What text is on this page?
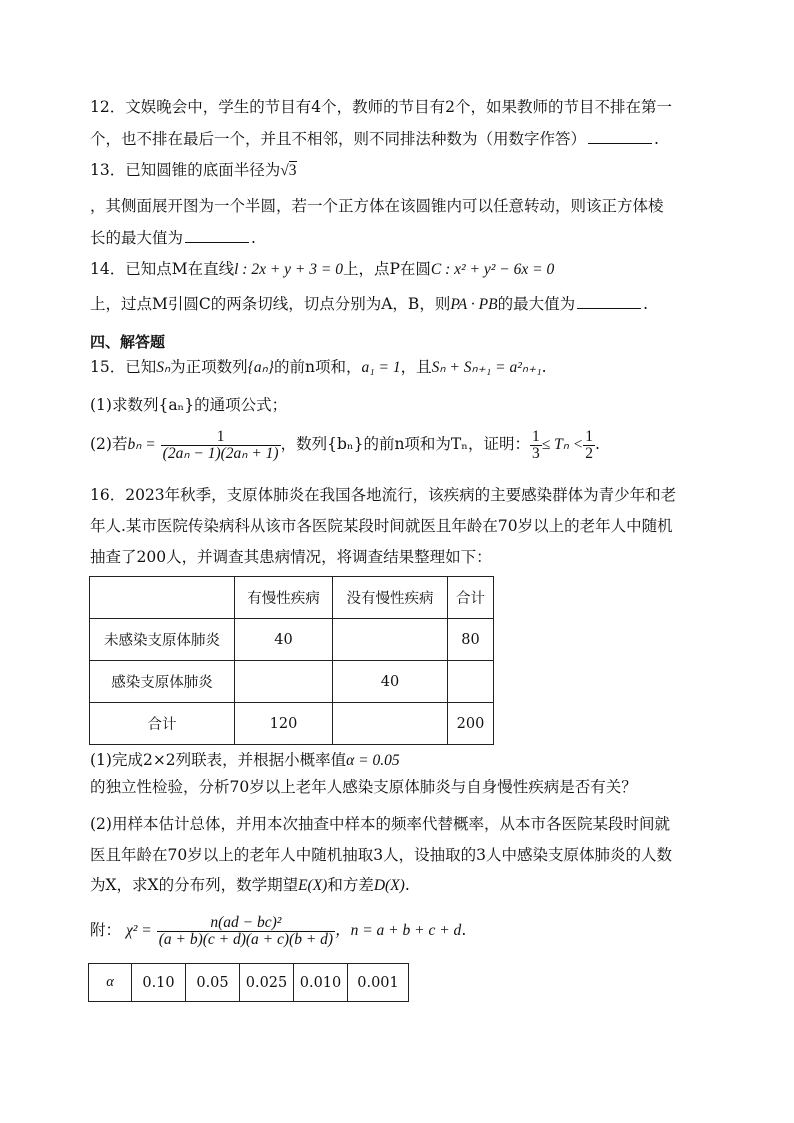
12．文娱晚会中，学生的节目有4个，教师的节目有2个，如果教师的节目不排在第一
个，也不排在最后一个，并且不相邻，则不同排法种数为（用数字作答）	.
13．已知圆锥的底面半径为√3
，其侧面展开图为一个半圆，若一个正方体在该圆锥内可以任意转动，则该正方体棱
长的最大值为	.
14．已知点M在直线l : 2x + y + 3 = 0上，点P在圆C : x² + y² − 6x = 0
上，过点M引圆C的两条切线，切点分别为A，B，则PA · PB的最大值为	.
四、解答题
15．已知Sₙ为正项数列{aₙ}的前n项和，a₁ = 1，且Sₙ + Sₙ₊₁ = a²ₙ₊₁.
(1)求数列{aₙ}的通项公式；
(2)若$b_n = \frac{1}{\text{(2aₙ − 1)(2aₙ + 1)}}$ ，数列{bₙ}的前n项和为Tₙ，证明： $\frac{1}{3} \le T_n < \frac{1}{2}$ .
16．2023年秋季，支原体肺炎在我国各地流行，该疾病的主要感染群体为青少年和老
年人.某市医院传染病科从该市各医院某段时间就医且年龄在70岁以上的老年人中随机
抽查了200人，并调查其患病情况，将调查结果整理如下：
	有慢性疾病	没有慢性疾病	合计
未感染支原体肺炎	40		80
感染支原体肺炎		40	
合计	120		200
(1)完成2×2列联表，并根据小概率值α = 0.05
的独立性检验，分析70岁以上老年人感染支原体肺炎与自身慢性疾病是否有关？
(2)用样本估计总体，并用本次抽查中样本的频率代替概率，从本市各医院某段时间就
医且年龄在70岁以上的老年人中随机抽取3人，设抽取的3人中感染支原体肺炎的人数
为X，求X的分布列，数学期望E(X)和方差D(X).
附： $\chi^2 = \frac{\text{n(ad − bc)²}}{(a + b)(c + d)(a + c)(b + d)}$ ，n = a + b + c + d.
α	0.10	0.05	0.025	0.010	0.001
